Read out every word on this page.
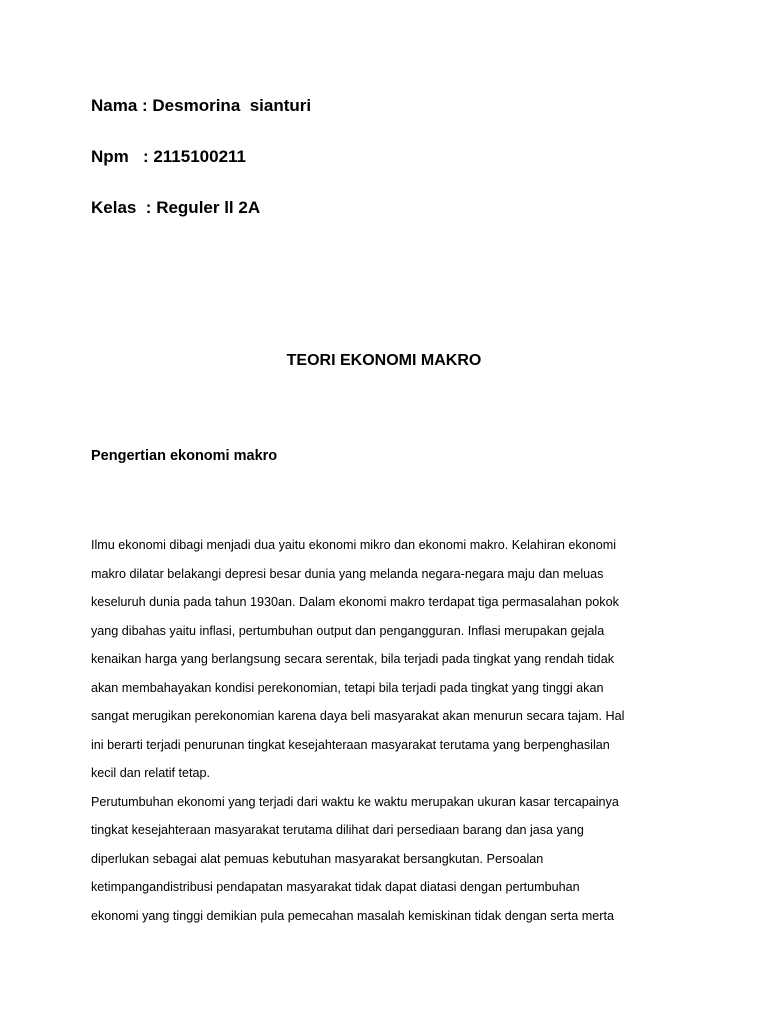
Nama : Desmorina  sianturi
Npm   : 2115100211
Kelas  : Reguler ll 2A
TEORI EKONOMI MAKRO
Pengertian ekonomi makro
Ilmu ekonomi dibagi menjadi dua yaitu ekonomi mikro dan ekonomi makro. Kelahiran ekonomi
makro dilatar belakangi depresi besar dunia yang melanda negara-negara maju dan meluas
keseluruh dunia pada tahun 1930an. Dalam ekonomi makro terdapat tiga permasalahan pokok
yang dibahas yaitu inflasi, pertumbuhan output dan pengangguran. Inflasi merupakan gejala
kenaikan harga yang berlangsung secara serentak, bila terjadi pada tingkat yang rendah tidak
akan membahayakan kondisi perekonomian, tetapi bila terjadi pada tingkat yang tinggi akan
sangat merugikan perekonomian karena daya beli masyarakat akan menurun secara tajam. Hal
ini berarti terjadi penurunan tingkat kesejahteraan masyarakat terutama yang berpenghasilan
kecil dan relatif tetap.
Perutumbuhan ekonomi yang terjadi dari waktu ke waktu merupakan ukuran kasar tercapainya
tingkat kesejahteraan masyarakat terutama dilihat dari persediaan barang dan jasa yang
diperlukan sebagai alat pemuas kebutuhan masyarakat bersangkutan. Persoalan
ketimpangandistribusi pendapatan masyarakat tidak dapat diatasi dengan pertumbuhan
ekonomi yang tinggi demikian pula pemecahan masalah kemiskinan tidak dengan serta merta
